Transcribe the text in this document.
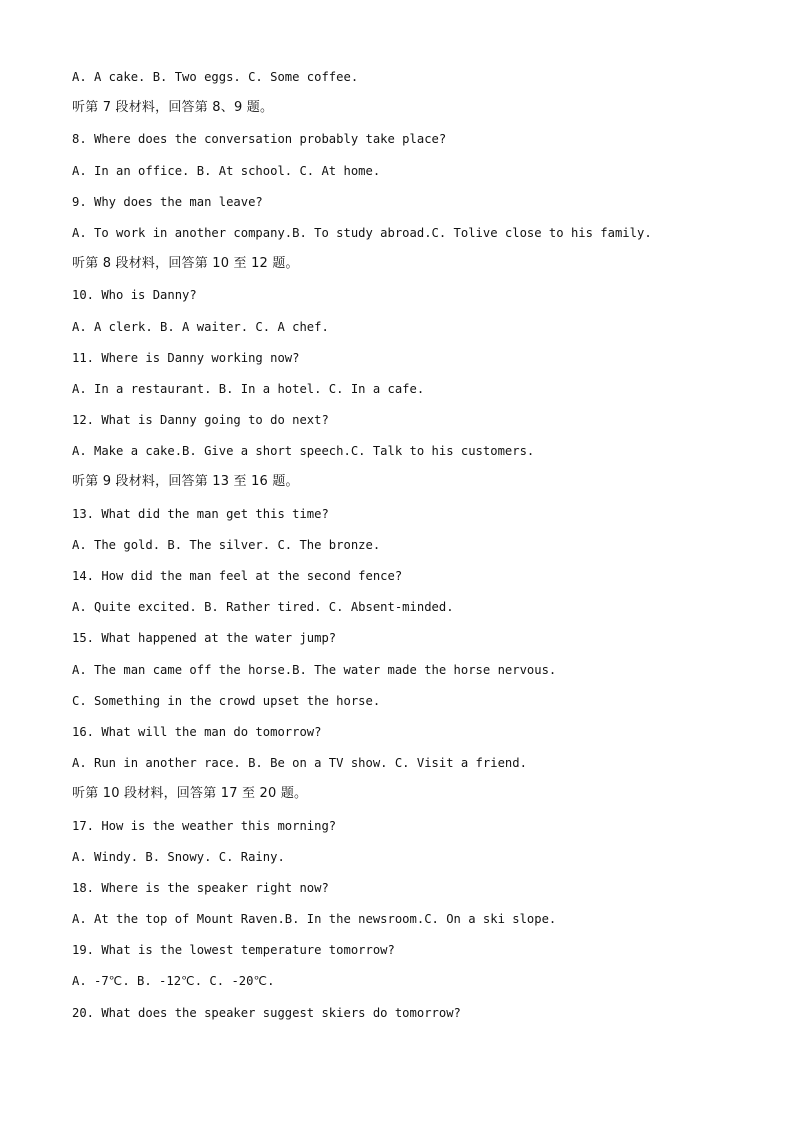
A. A cake. B. Two eggs. C. Some coffee.
听第 7 段材料，回答第 8、9 题。
8. Where does the conversation probably take place?
A. In an office. B. At school. C. At home.
9. Why does the man leave?
A. To work in another company.B. To study abroad.C. Tolive close to his family.
听第 8 段材料，回答第 10 至 12 题。
10. Who is Danny?
A. A clerk. B. A waiter. C. A chef.
11. Where is Danny working now?
A. In a restaurant. B. In a hotel. C. In a cafe.
12. What is Danny going to do next?
A. Make a cake.B. Give a short speech.C. Talk to his customers.
听第 9 段材料，回答第 13 至 16 题。
13. What did the man get this time?
A. The gold. B. The silver. C. The bronze.
14. How did the man feel at the second fence?
A. Quite excited. B. Rather tired. C. Absent-minded.
15. What happened at the water jump?
A. The man came off the horse.B. The water made the horse nervous.
C. Something in the crowd upset the horse.
16. What will the man do tomorrow?
A. Run in another race. B. Be on a TV show. C. Visit a friend.
听第 10 段材料，回答第 17 至 20 题。
17. How is the weather this morning?
A. Windy. B. Snowy. C. Rainy.
18. Where is the speaker right now?
A. At the top of Mount Raven.B. In the newsroom.C. On a ski slope.
19. What is the lowest temperature tomorrow?
A. -7℃. B. -12℃. C. -20℃.
20. What does the speaker suggest skiers do tomorrow?
